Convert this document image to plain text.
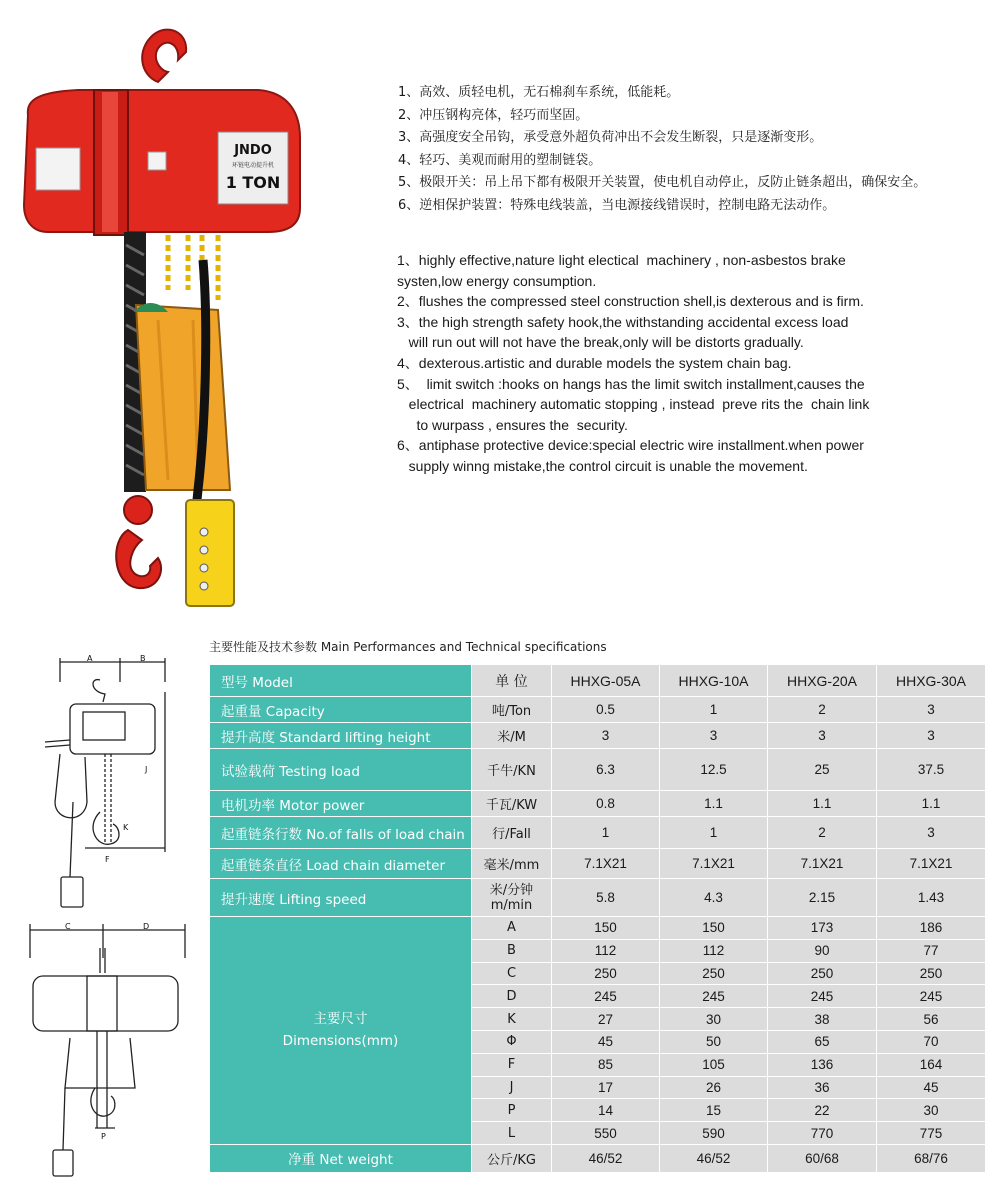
JNDO
环链电动提升机
1 TON
1、高效、质轻电机，无石棉刹车系统，低能耗。
2、冲压钢构亮体，轻巧而坚固。
3、高强度安全吊钩，承受意外超负荷冲出不会发生断裂，只是逐渐变形。
4、轻巧、美观而耐用的塑制链袋。
5、极限开关：吊上吊下都有极限开关装置，使电机自动停止，反防止链条超出，确保安全。
6、逆相保护装置：特殊电线装盖，当电源接线错误时，控制电路无法动作。
1、highly effective,nature light electical  machinery , non-asbestos brake systen,low energy consumption.
2、flushes the compressed steel construction shell,is dexterous and is firm.
3、the high strength safety hook,the withstanding accidental excess load
will run out will not have the break,only will be distorts gradually.
4、dexterous.artistic and durable models the system chain bag.
5、  limit switch :hooks on hangs has the limit switch installment,causes the
electrical  machinery automatic stopping , instead  preve rits the  chain link
to wurpass , ensures the  security.
6、antiphase protective device:special electric wire installment.when power
supply winng mistake,the control circuit is unable the movement.
主要性能及技术参数 Main Performances and Technical specifications
A	B
J
K
F
C	D
P
型号 Model	单 位	HHXG-05A	HHXG-10A	HHXG-20A	HHXG-30A
起重量 Capacity	吨/Ton	0.5	1	2	3
提升高度 Standard lifting height	米/M	3	3	3	3
试验载荷 Testing load	千牛/KN	6.3	12.5	25	37.5
电机功率 Motor power	千瓦/KW	0.8	1.1	1.1	1.1
起重链条行数 No.of falls of load chain	行/Fall	1	1	2	3
起重链条直径 Load chain diameter	毫米/mm	7.1X21	7.1X21	7.1X21	7.1X21
提升速度 Lifting speed	米/分钟
m/min	5.8	4.3	2.15	1.43

主要尺寸
Dimensions(mm)	A	150	150	173	186
	B	112	112	90	77
	C	250	250	250	250
	D	245	245	245	245
	K	27	30	38	56
	Φ	45	50	65	70
	F	85	105	136	164
	J	17	26	36	45
	P	14	15	22	30
	L	550	590	770	775
净重 Net weight	公斤/KG	46/52	46/52	60/68	68/76
